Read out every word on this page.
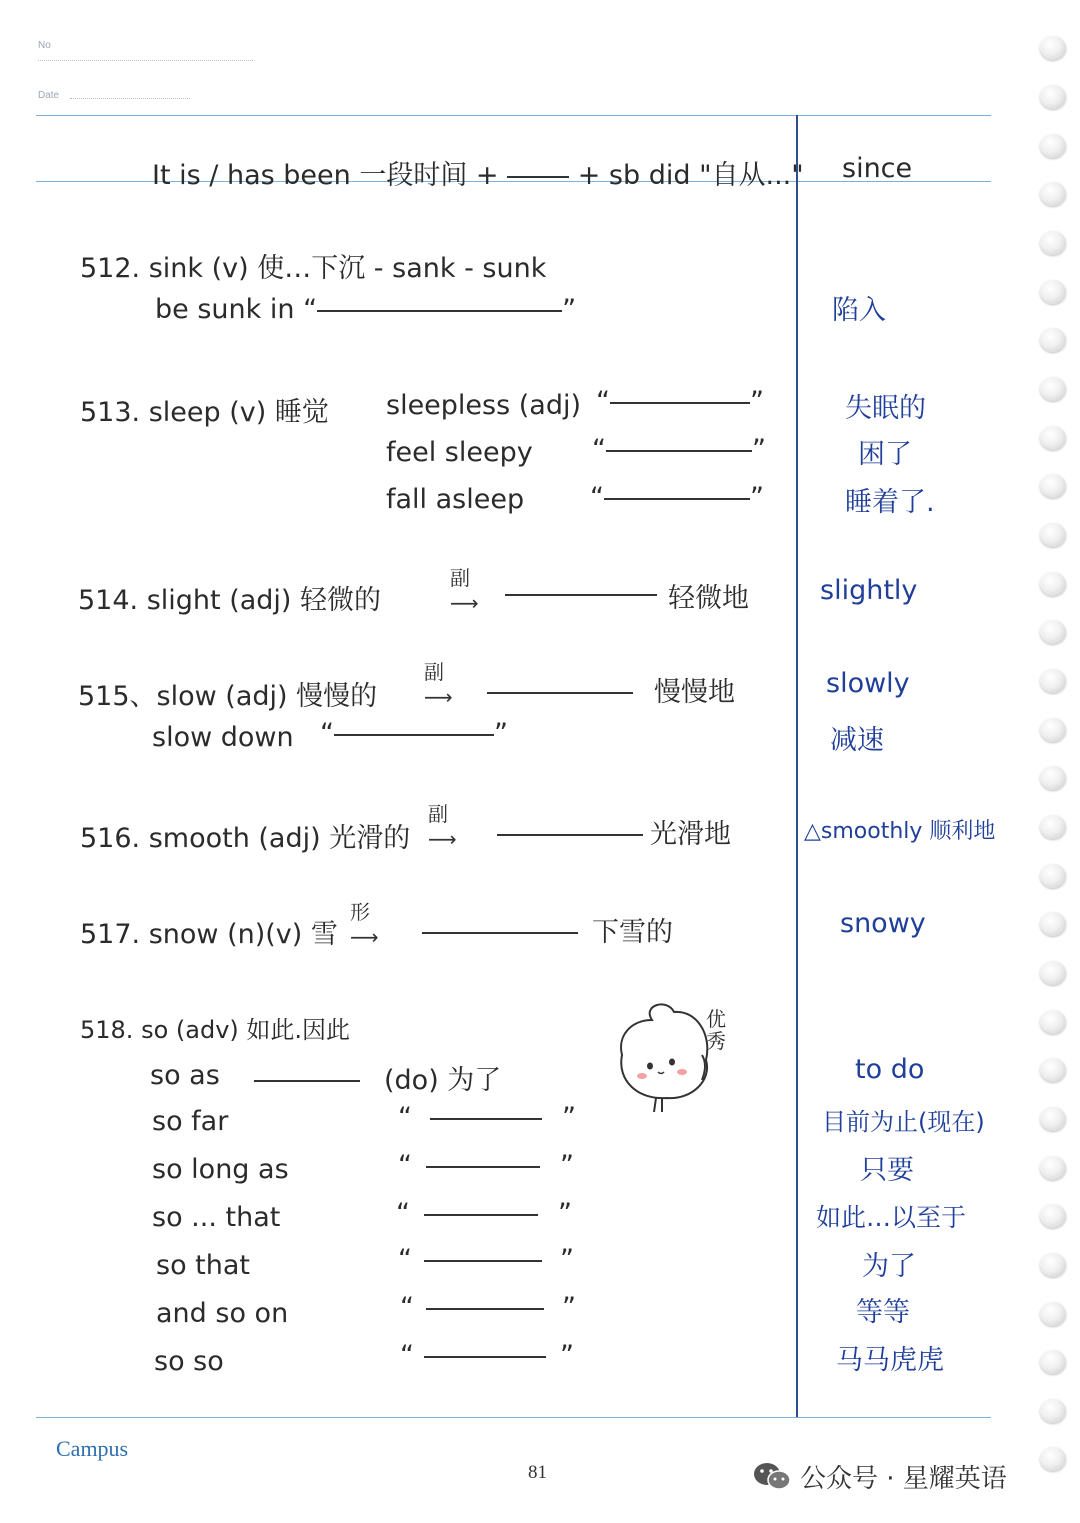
No
Date
It is / has been 一段时间 +  + sb did "自从..." since
512. sink (v) 使…下沉 - sank - sunk
be sunk in “	”	陷入
513. sleep (v) 睡觉 sleepless (adj) “	”	失眠的
feel sleepy “	”	困了
fall asleep “	”	睡着了.
514. slight (adj) 轻微的
副
⟶	轻微地	slightly
515、slow (adj) 慢慢的
副
⟶	慢慢地	slowly
slow down “	”	减速
516. smooth (adj) 光滑的
副
⟶	光滑地	△smoothly 顺利地
517. snow (n)(v) 雪
形
⟶	下雪的	snowy
518. so (adv) 如此.因此	优秀
so as	(do) 为了	to do
so far	“	”	目前为止(现在)
so long as	“	”	只要
so ... that	“	”	如此…以至于
so that	“	”	为了
and so on	“	”	等等
so so	“	”	马马虎虎
Campus
81	公众号 · 星耀英语
